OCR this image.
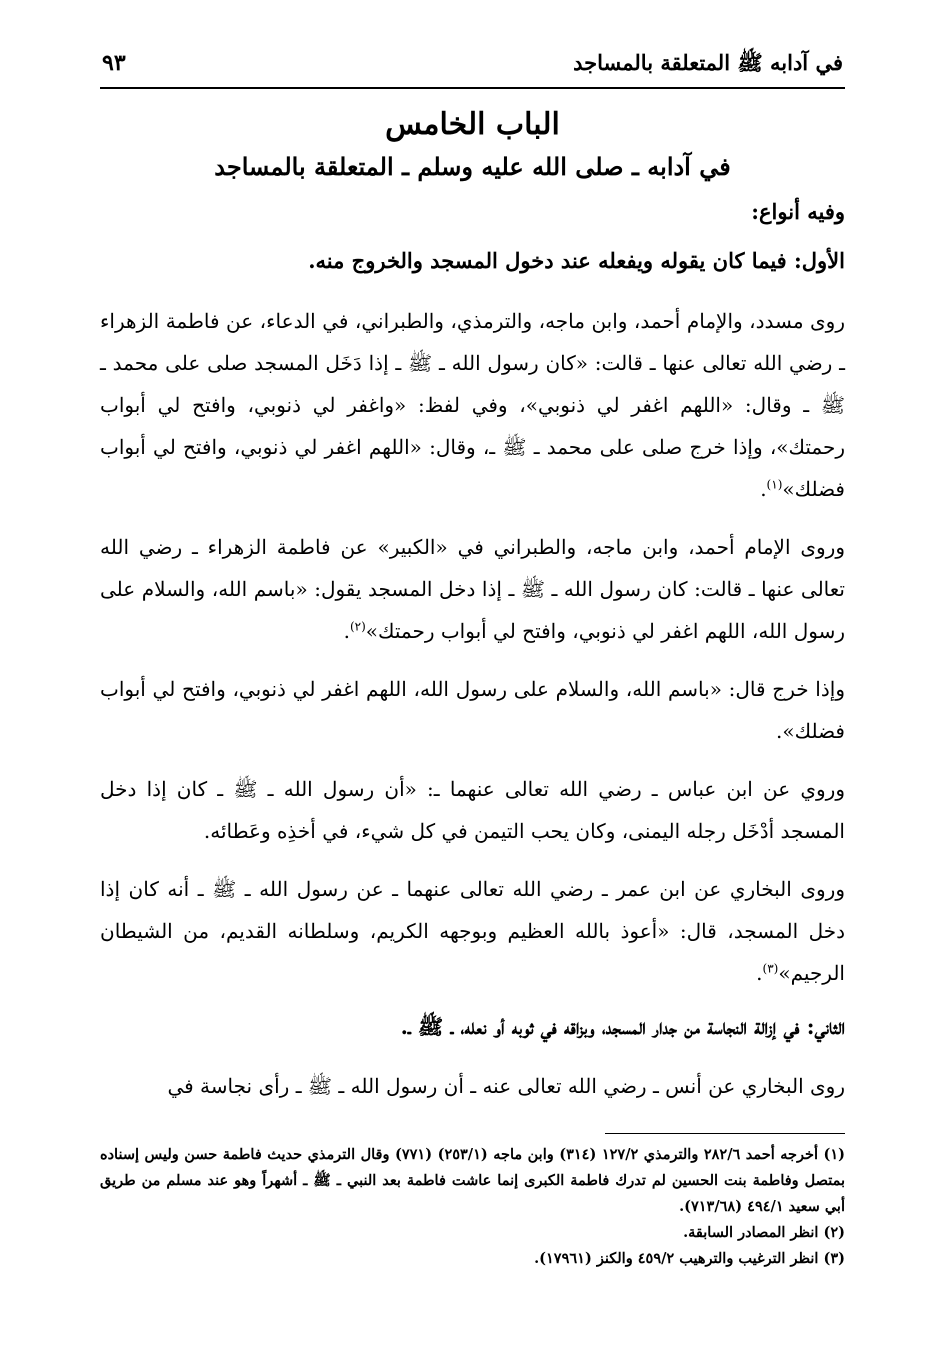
في آدابه ﷺ المتعلقة بالمساجد
٩٣
الباب الخامس
في آدابه ـ صلى الله عليه وسلم ـ المتعلقة بالمساجد
وفيه أنواع:
الأول: فيما كان يقوله ويفعله عند دخول المسجد والخروج منه.

روى مسدد، والإمام أحمد، وابن ماجه، والترمذي، والطبراني، في الدعاء، عن فاطمة الزهراء ـ رضي الله تعالى عنها ـ قالت: «كان رسول الله ـ ﷺ ـ إذا دَخَل المسجد صلى على محمد ـ ﷺ ـ وقال: «اللهم اغفر لي ذنوبي»، وفي لفظ: «واغفر لي ذنوبي، وافتح لي أبواب رحمتك»، وإذا خرج صلى على محمد ـ ﷺ ـ، وقال: «اللهم اغفر لي ذنوبي، وافتح لي أبواب فضلك»$^{(١)}$.

وروى الإمام أحمد، وابن ماجه، والطبراني في «الكبير» عن فاطمة الزهراء ـ رضي الله تعالى عنها ـ قالت: كان رسول الله ـ ﷺ ـ إذا دخل المسجد يقول: «باسم الله، والسلام على رسول الله، اللهم اغفر لي ذنوبي، وافتح لي أبواب رحمتك»$^{(٢)}$.

وإذا خرج قال: «باسم الله، والسلام على رسول الله، اللهم اغفر لي ذنوبي، وافتح لي أبواب فضلك».

وروي عن ابن عباس ـ رضي الله تعالى عنهما ـ: «أن رسول الله ـ ﷺ ـ كان إذا دخل المسجد أدْخَل رجله اليمنى، وكان يحب التيمن في كل شيء، في أخذِه وعَطائه.

وروى البخاري عن ابن عمر ـ رضي الله تعالى عنهما ـ عن رسول الله ـ ﷺ ـ أنه كان إذا دخل المسجد، قال: «أعوذ بالله العظيم وبوجهه الكريم، وسلطانه القديم، من الشيطان الرجيم»$^{(٣)}$.

الثاني: في إزالة النجاسة من جدار المسجد، وبزاقه في ثوبه أو نعله، ـ ﷺ ـ.

روى البخاري عن أنس ـ رضي الله تعالى عنه ـ أن رسول الله ـ ﷺ ـ رأى نجاسة في

(١) أخرجه أحمد ٢٨٢/٦ والترمذي ١٢٧/٢ (٣١٤) وابن ماجه (٢٥٣/١) (٧٧١) وقال الترمذي حديث فاطمة حسن وليس إسناده بمتصل وفاطمة بنت الحسين لم تدرك فاطمة الكبرى إنما عاشت فاطمة بعد النبي ـ ﷺ ـ أشهراً وهو عند مسلم من طريق أبي سعيد ٤٩٤/١ (٧١٣/٦٨).

(٢) انظر المصادر السابقة.

(٣) انظر الترغيب والترهيب ٤٥٩/٢ والكنز (١٧٩٦١).
